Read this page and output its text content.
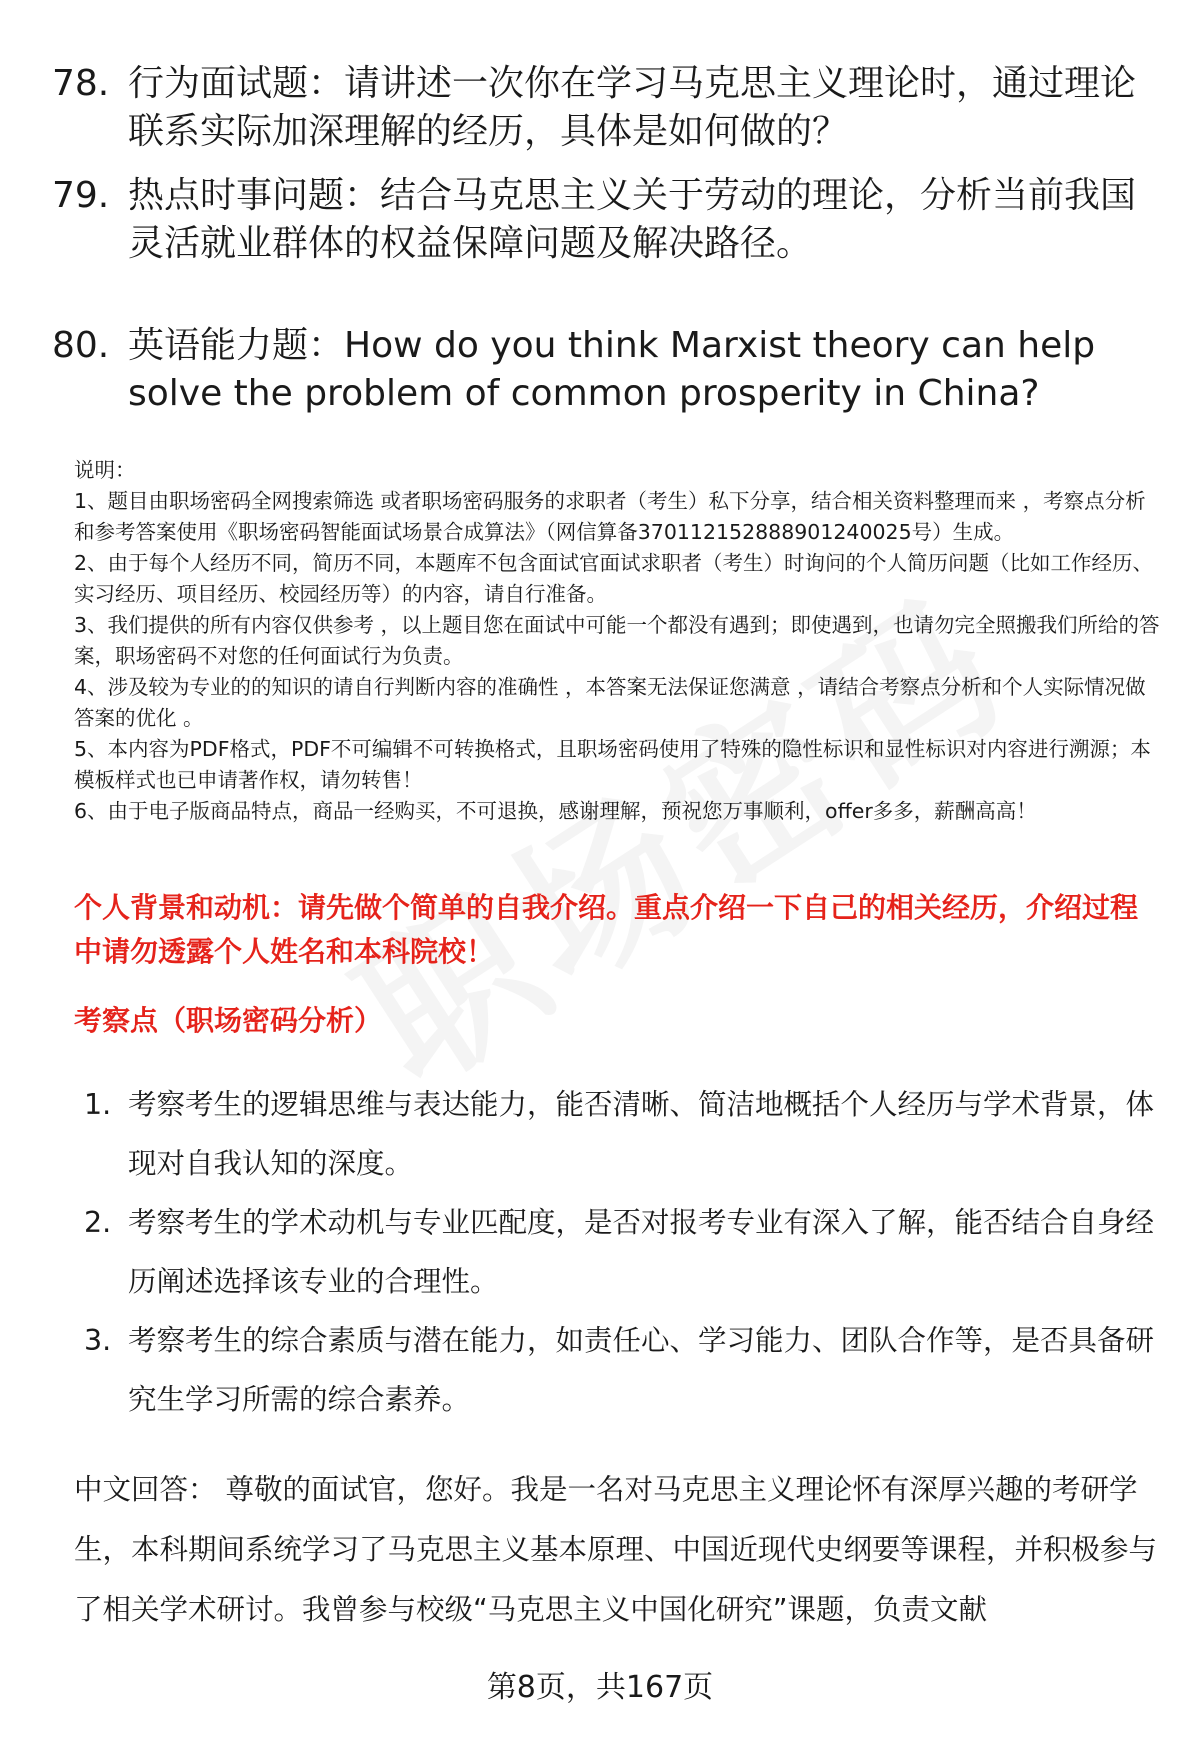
78. 行为面试题：请讲述一次你在学习马克思主义理论时，通过理论联系实际加深理解的经历，具体是如何做的？
79. 热点时事问题：结合马克思主义关于劳动的理论，分析当前我国灵活就业群体的权益保障问题及解决路径。
80. 英语能力题：How do you think Marxist theory can help solve the problem of common prosperity in China?

说明：

1、题目由职场密码全网搜索筛选 或者职场密码服务的求职者（考生）私下分享，结合相关资料整理而来 ，考察点分析和参考答案使用《职场密码智能面试场景合成算法》（网信算备370112152888901240025号）生成。

2、由于每个人经历不同，简历不同，本题库不包含面试官面试求职者（考生）时询问的个人简历问题（比如工作经历、实习经历、项目经历、校园经历等）的内容，请自行准备。

3、我们提供的所有内容仅供参考 ，以上题目您在面试中可能一个都没有遇到；即使遇到，也请勿完全照搬我们所给的答案，职场密码不对您的任何面试行为负责。

4、涉及较为专业的的知识的请自行判断内容的准确性 ，本答案无法保证您满意 ，请结合考察点分析和个人实际情况做答案的优化 。

5、本内容为PDF格式，PDF不可编辑不可转换格式，且职场密码使用了特殊的隐性标识和显性标识对内容进行溯源；本模板样式也已申请著作权，请勿转售！

6、由于电子版商品特点，商品一经购买，不可退换，感谢理解，预祝您万事顺利，offer多多，薪酬高高！

个人背景和动机：请先做个简单的自我介绍。重点介绍一下自己的相关经历，介绍过程中请勿透露个人姓名和本科院校！
考察点（职场密码分析）
1. 考察考生的逻辑思维与表达能力，能否清晰、简洁地概括个人经历与学术背景，体现对自我认知的深度。
2. 考察考生的学术动机与专业匹配度，是否对报考专业有深入了解，能否结合自身经历阐述选择该专业的合理性。
3. 考察考生的综合素质与潜在能力，如责任心、学习能力、团队合作等，是否具备研究生学习所需的综合素养。
中文回答： 尊敬的面试官，您好。我是一名对马克思主义理论怀有深厚兴趣的考研学生，本科期间系统学习了马克思主义基本原理、中国近现代史纲要等课程，并积极参与了相关学术研讨。我曾参与校级“马克思主义中国化研究”课题，负责文献
第8页，共167页
